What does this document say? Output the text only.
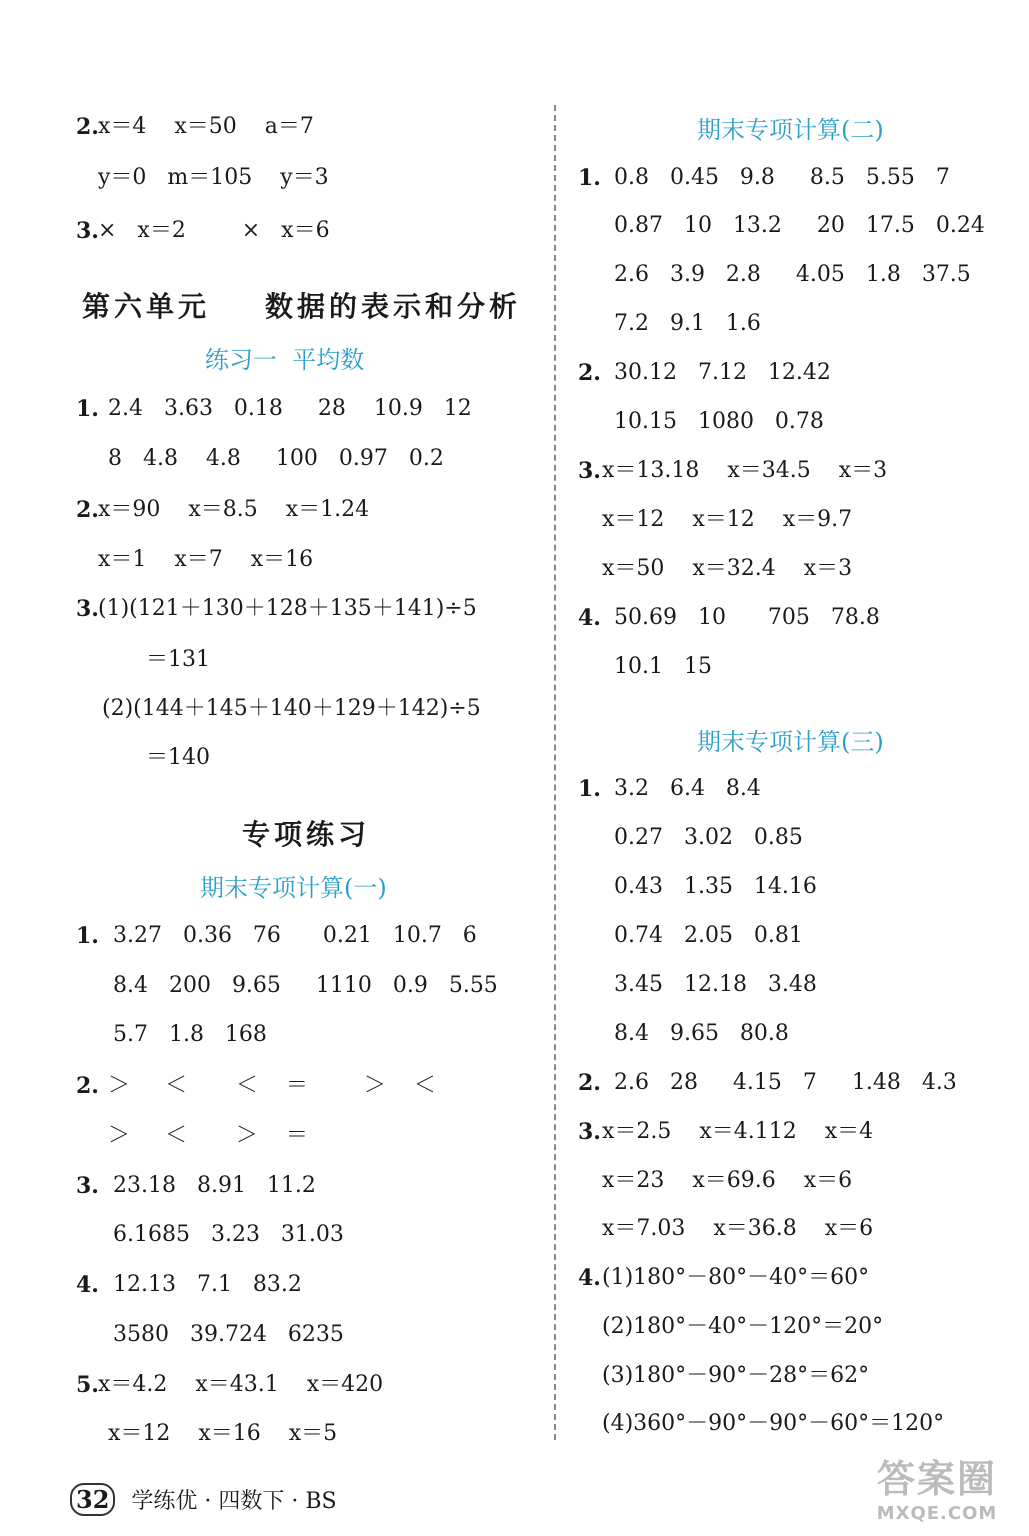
2. x＝4    x＝50    a＝7
y＝0   m＝105    y＝3
3. ×   x＝2        ×   x＝6
第六单元    数据的表示和分析
练习一  平均数
1. 2.4   3.63   0.18     28    10.9   12
8   4.8    4.8     100   0.97   0.2
2. x＝90    x＝8.5    x＝1.24
x＝1    x＝7    x＝16
3. (1)(121＋130＋128＋135＋141)÷5
＝131
(2)(144＋145＋140＋129＋142)÷5
＝140
专项练习
期末专项计算(一)
1. 3.27   0.36   76      0.21   10.7   6
8.4   200   9.65     1110   0.9   5.55
5.7   1.8   168
2. ＞     ＜       ＜    ＝        ＞    ＜
＞     ＜       ＞    ＝
3. 23.18   8.91   11.2
6.1685   3.23   31.03
4. 12.13   7.1   83.2
3580   39.724   6235
5. x＝4.2    x＝43.1    x＝420
x＝12    x＝16    x＝5
期末专项计算(二)
1. 0.8   0.45   9.8     8.5   5.55   7
0.87   10   13.2     20   17.5   0.24
2.6   3.9   2.8     4.05   1.8   37.5
7.2   9.1   1.6
2. 30.12   7.12   12.42
10.15   1080   0.78
3. x＝13.18    x＝34.5    x＝3
x＝12    x＝12    x＝9.7
x＝50    x＝32.4    x＝3
4. 50.69   10      705   78.8
10.1   15
期末专项计算(三)
1. 3.2   6.4   8.4
0.27   3.02   0.85
0.43   1.35   14.16
0.74   2.05   0.81
3.45   12.18   3.48
8.4   9.65   80.8
2. 2.6   28     4.15   7     1.48   4.3
3. x＝2.5    x＝4.112    x＝4
x＝23    x＝69.6    x＝6
x＝7.03    x＝36.8    x＝6
4. (1)180°－80°－40°＝60°
(2)180°－40°－120°＝20°
(3)180°－90°－28°＝62°
(4)360°－90°－90°－60°＝120°
32 学练优 · 四数下 · BS
答案圈
MXQE.COM
